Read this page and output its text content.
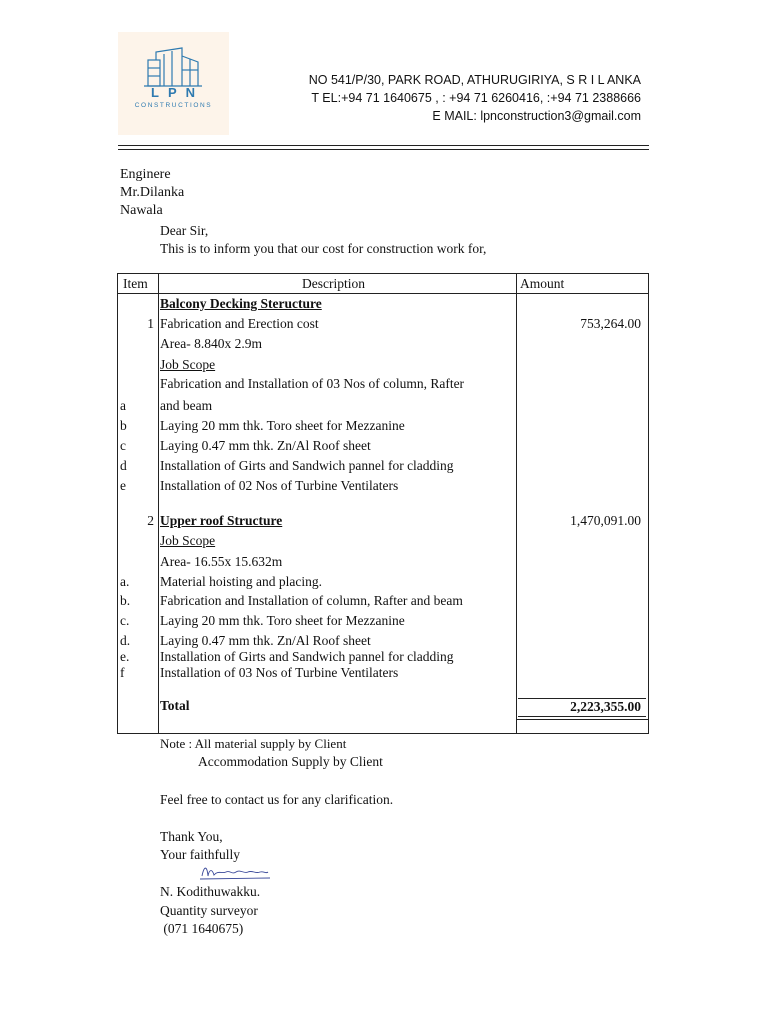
LPN
CONSTRUCTIONS
NO 541/P/30, PARK ROAD, ATHURUGIRIYA, S R I L ANKA
T EL:+94 71 1640675 , : +94 71 6260416, :+94 71 2388666
E MAIL: lpnconstruction3@gmail.com
Enginere
Mr.Dilanka
Nawala
Dear Sir,
This is to inform you that our cost for construction work for,
Item	Description	Amount
Balcony Decking Steructure
1 Fabrication and Erection cost	753,264.00
Area- 8.840x 2.9m
Job Scope
Fabrication and Installation of 03 Nos of column, Rafter
a	and beam
b Laying 20 mm thk. Toro sheet for Mezzanine
c	Laying 0.47 mm thk. Zn/Al Roof sheet
d Installation of Girts and Sandwich pannel for cladding
e	Installation of 02 Nos of Turbine Ventilaters
2 Upper roof Structure	1,470,091.00
Job Scope
Area- 16.55x 15.632m
a. Material hoisting and placing.
b. Fabrication and Installation of column, Rafter and beam
c. Laying 20 mm thk. Toro sheet for Mezzanine
d. Laying 0.47 mm thk. Zn/Al Roof sheet
e. Installation of Girts and Sandwich pannel for cladding
f	Installation of 03 Nos of Turbine Ventilaters
Total	2,223,355.00
Note : All material supply by Client
Accommodation Supply by Client
Feel free to contact us for any clarification.
Thank You,
Your faithfully
N. Kodithuwakku.
Quantity surveyor
(071 1640675)
